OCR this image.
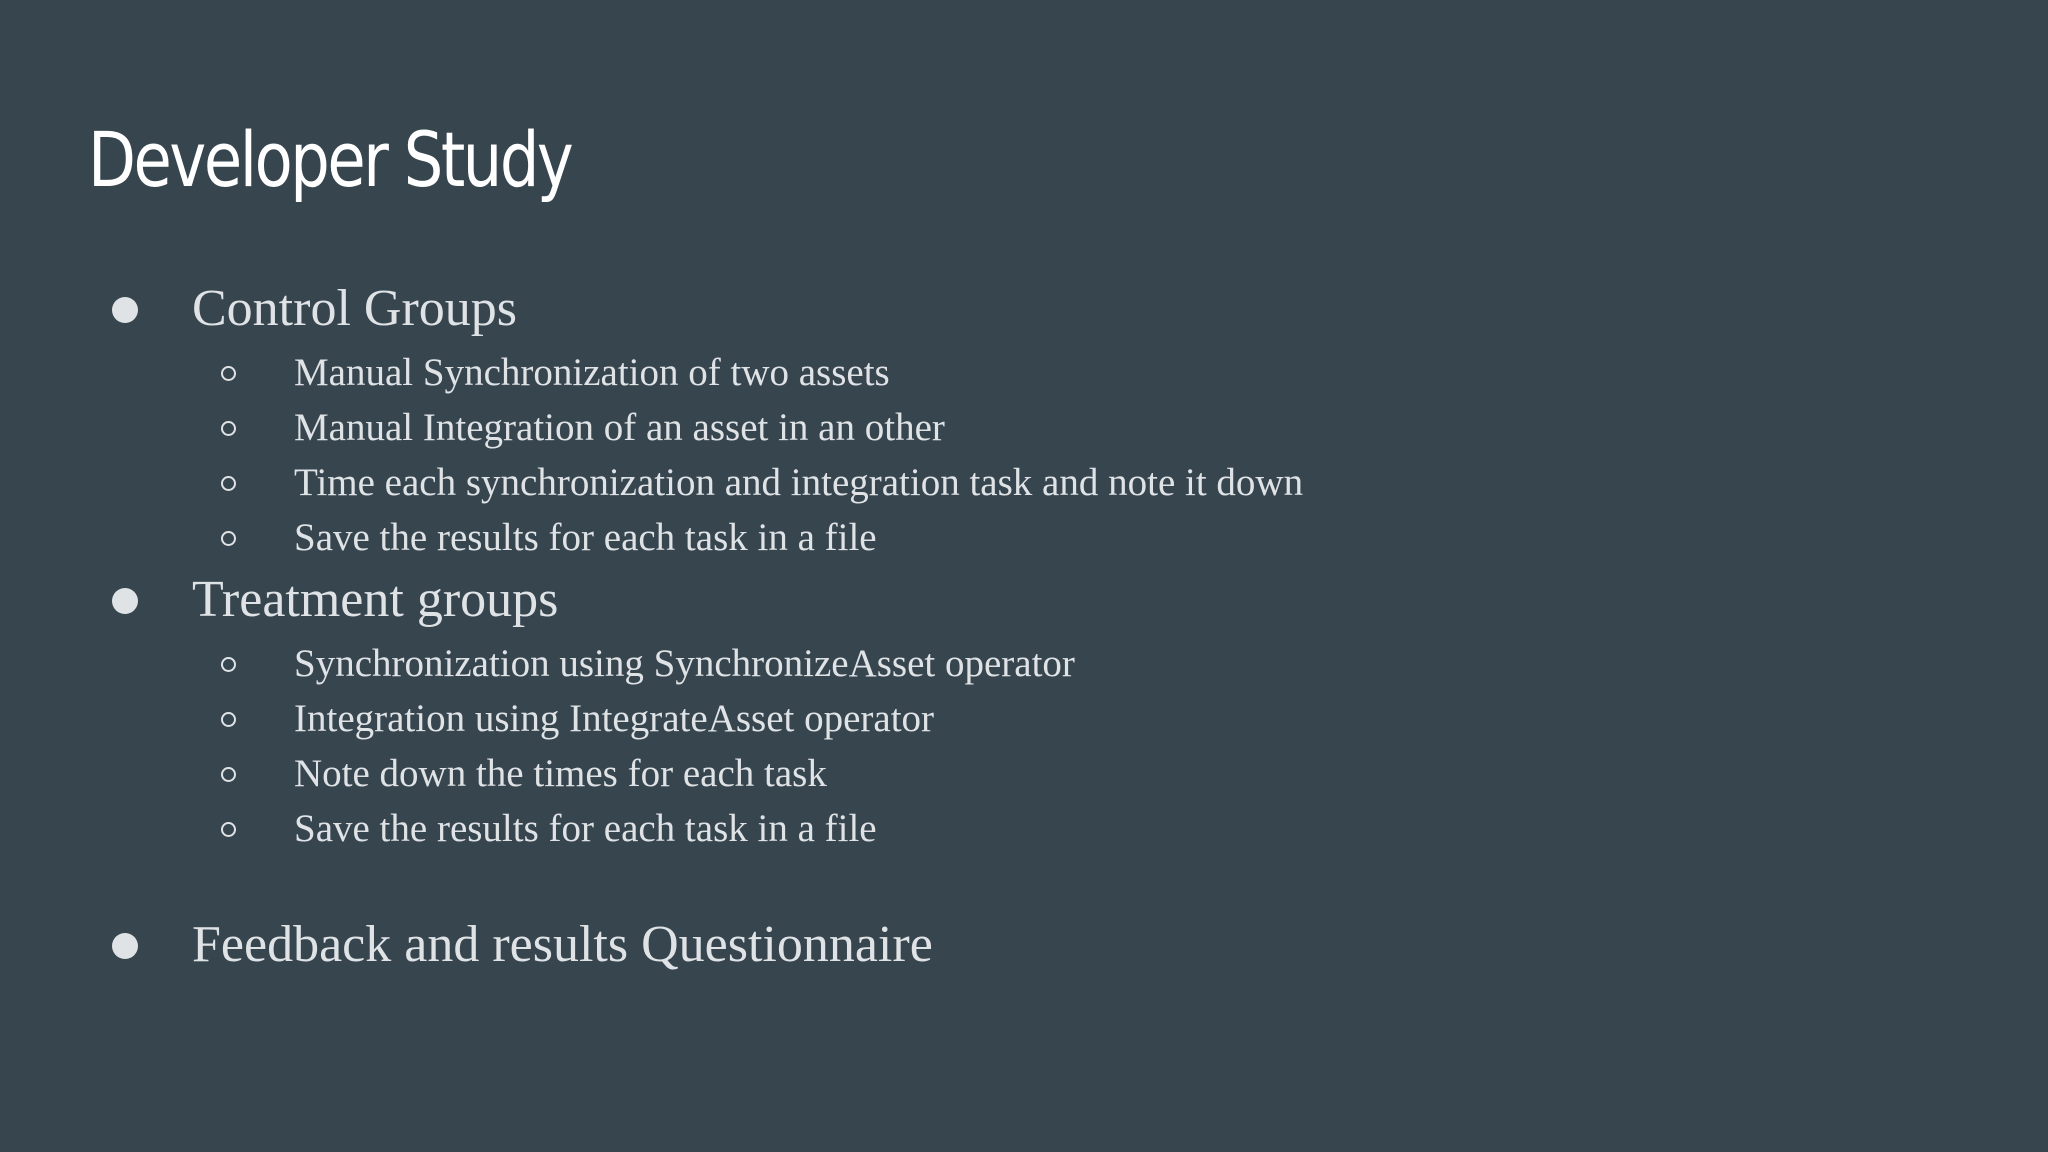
Developer Study
Control Groups
Manual Synchronization of two assets
Manual Integration of an asset in an other
Time each synchronization and integration task and note it down
Save the results for each task in a file
Treatment groups
Synchronization using SynchronizeAsset operator
Integration using IntegrateAsset operator
Note down the times for each task
Save the results for each task in a file
Feedback and results Questionnaire
